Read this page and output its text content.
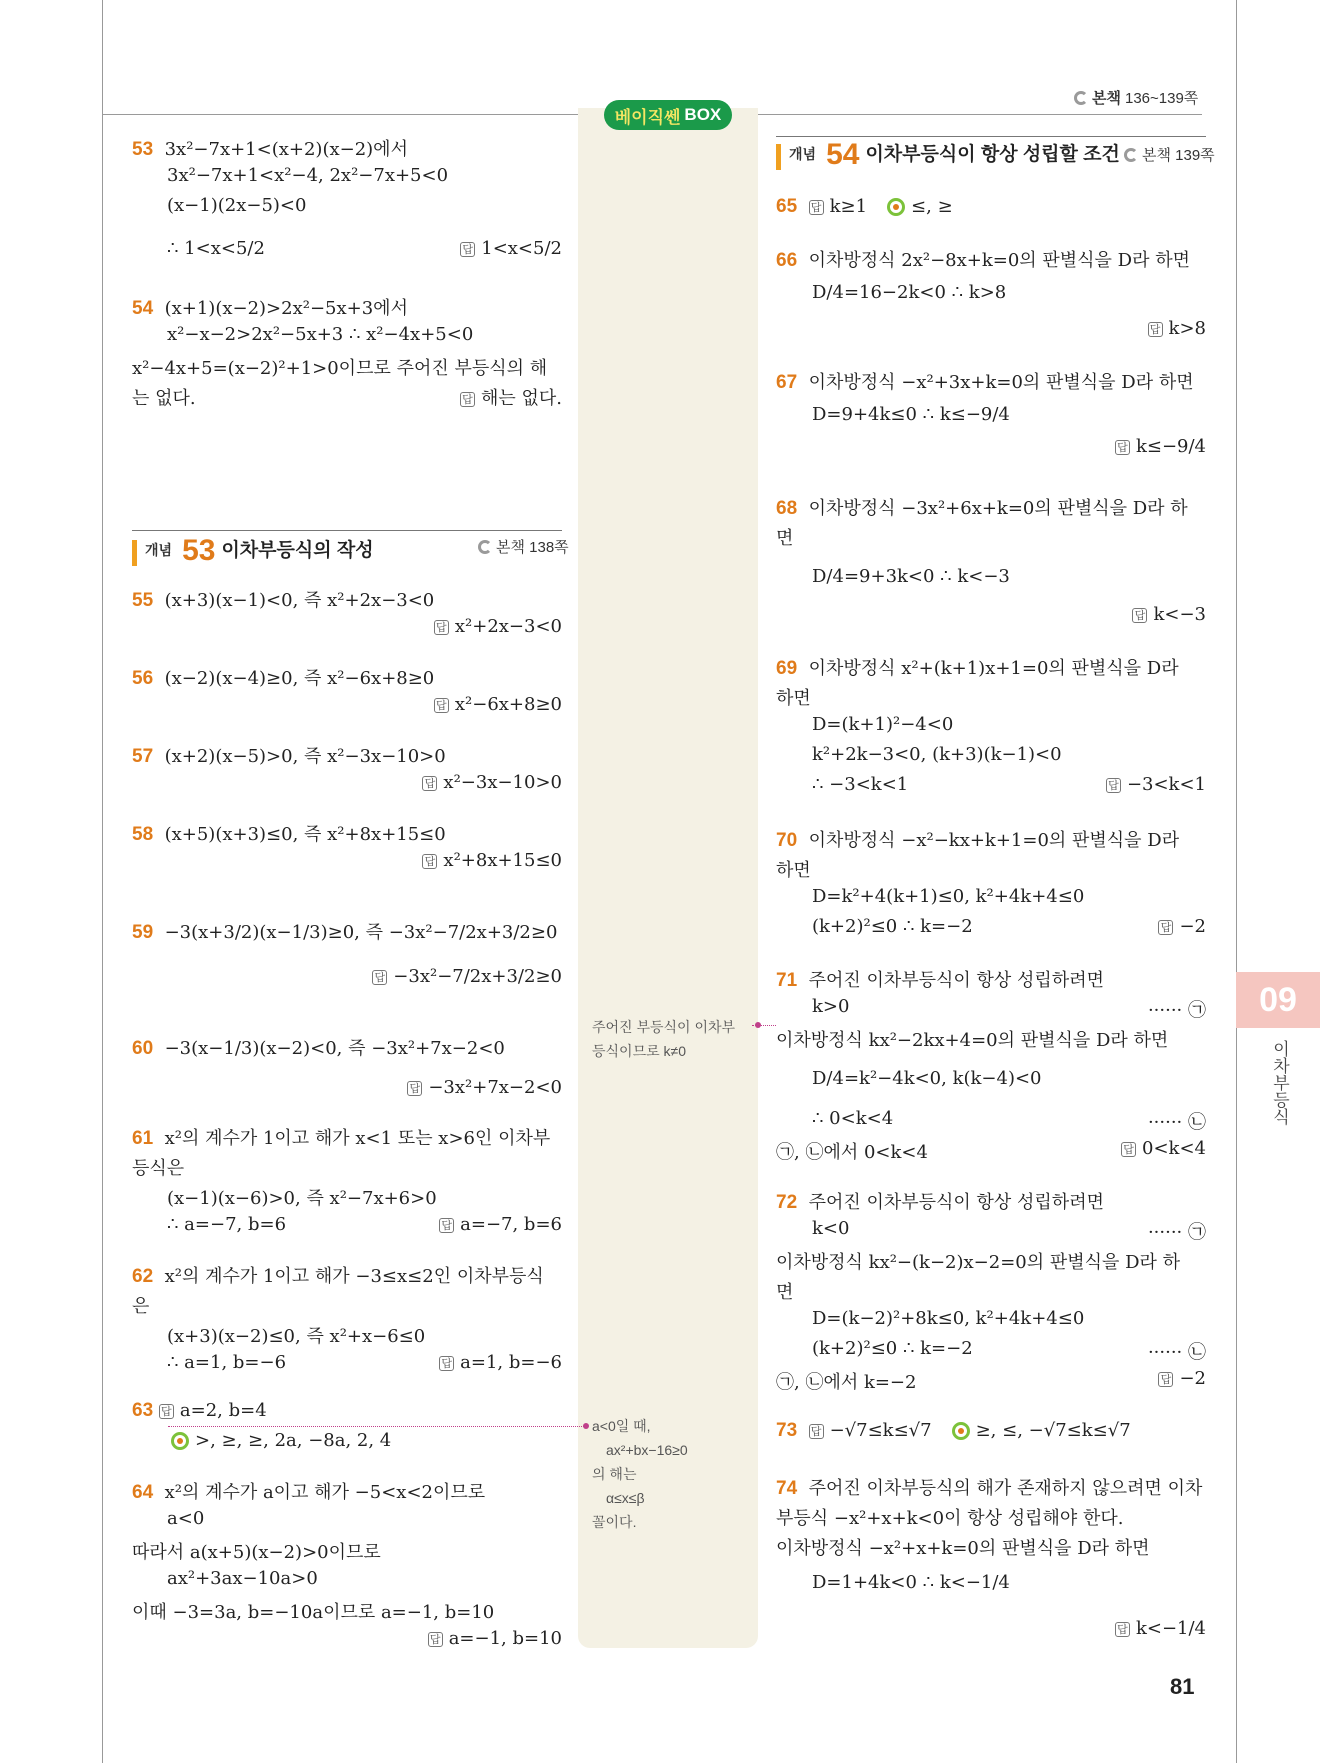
본책 136~139쪽
베이직쎈 BOX
53 3x²−7x+1<(x+2)(x−2)에서
3x²−7x+1<x²−4, 2x²−7x+5<0
(x−1)(2x−5)<0
∴ 1<x<5/2 답	1<x<5/2
54 (x+1)(x−2)>2x²−5x+3에서
x²−x−2>2x²−5x+3 ∴ x²−4x+5<0
x²−4x+5=(x−2)²+1>0이므로 주어진 부등식의 해
는 없다. 답	해는 없다.
개념 53 이차부등식의 작성	본책 138쪽
55 (x+3)(x−1)<0, 즉 x²+2x−3<0
답x²+2x−3<0
56 (x−2)(x−4)≥0, 즉 x²−6x+8≥0
답x²−6x+8≥0
57 (x+2)(x−5)>0, 즉 x²−3x−10>0
답x²−3x−10>0
58 (x+5)(x+3)≤0, 즉 x²+8x+15≤0
답x²+8x+15≤0
59 −3(x+3/2)(x−1/3)≥0, 즉 −3x²−7/2x+3/2≥0
답−3x²−7/2x+3/2≥0
60 −3(x−1/3)(x−2)<0, 즉 −3x²+7x−2<0
답−3x²+7x−2<0
61 x²의 계수가 1이고 해가 x<1 또는 x>6인 이차부
등식은
(x−1)(x−6)>0, 즉 x²−7x+6>0
∴ a=−7, b=6 답	a=−7, b=6
62 x²의 계수가 1이고 해가 −3≤x≤2인 이차부등식
은
(x+3)(x−2)≤0, 즉 x²+x−6≤0
∴ a=1, b=−6 답	a=1, b=−6
63 답 a=2, b=4
>, ≥, ≥, 2a, −8a, 2, 4
64 x²의 계수가 a이고 해가 −5<x<2이므로
a<0
따라서 a(x+5)(x−2)>0이므로
ax²+3ax−10a>0
이때 −3=3a, b=−10a이므로 a=−1, b=10
답a=−1, b=10
주어진 부등식이 이차부
등식이므로 k≠0
a<0일 때,
ax²+bx−16≥0
의 해는
α≤x≤β
꼴이다.
개념 54 이차부등식이 항상 성립할 조건 본책 139쪽
65 답 k≥1 ≤, ≥
66 이차방정식 2x²−8x+k=0의 판별식을 D라 하면
D/4=16−2k<0 ∴ k>8
답k>8
67 이차방정식 −x²+3x+k=0의 판별식을 D라 하면
D=9+4k≤0 ∴ k≤−9/4
답k≤−9/4
68 이차방정식 −3x²+6x+k=0의 판별식을 D라 하
면
D/4=9+3k<0 ∴ k<−3
답k<−3
69 이차방정식 x²+(k+1)x+1=0의 판별식을 D라
하면
D=(k+1)²−4<0
k²+2k−3<0, (k+3)(k−1)<0
∴ −3<k<1 답	−3<k<1
70 이차방정식 −x²−kx+k+1=0의 판별식을 D라
하면
D=k²+4(k+1)≤0, k²+4k+4≤0
(k+2)²≤0 ∴ k=−2 답	−2
71 주어진 이차부등식이 항상 성립하려면
k>0	······ ㉠
이차방정식 kx²−2kx+4=0의 판별식을 D라 하면
D/4=k²−4k<0, k(k−4)<0
∴ 0<k<4	······ ㉡
㉠, ㉡에서 0<k<4 답	0<k<4
72 주어진 이차부등식이 항상 성립하려면
k<0	······ ㉠
이차방정식 kx²−(k−2)x−2=0의 판별식을 D라 하
면
D=(k−2)²+8k≤0, k²+4k+4≤0
(k+2)²≤0 ∴ k=−2	······ ㉡
㉠, ㉡에서 k=−2 답	−2
73 답 −√7≤k≤√7 ≥, ≤, −√7≤k≤√7
74 주어진 이차부등식의 해가 존재하지 않으려면 이차
부등식 −x²+x+k<0이 항상 성립해야 한다.
이차방정식 −x²+x+k=0의 판별식을 D라 하면
D=1+4k<0 ∴ k<−1/4
답k<−1/4
09
이차부등식
81
